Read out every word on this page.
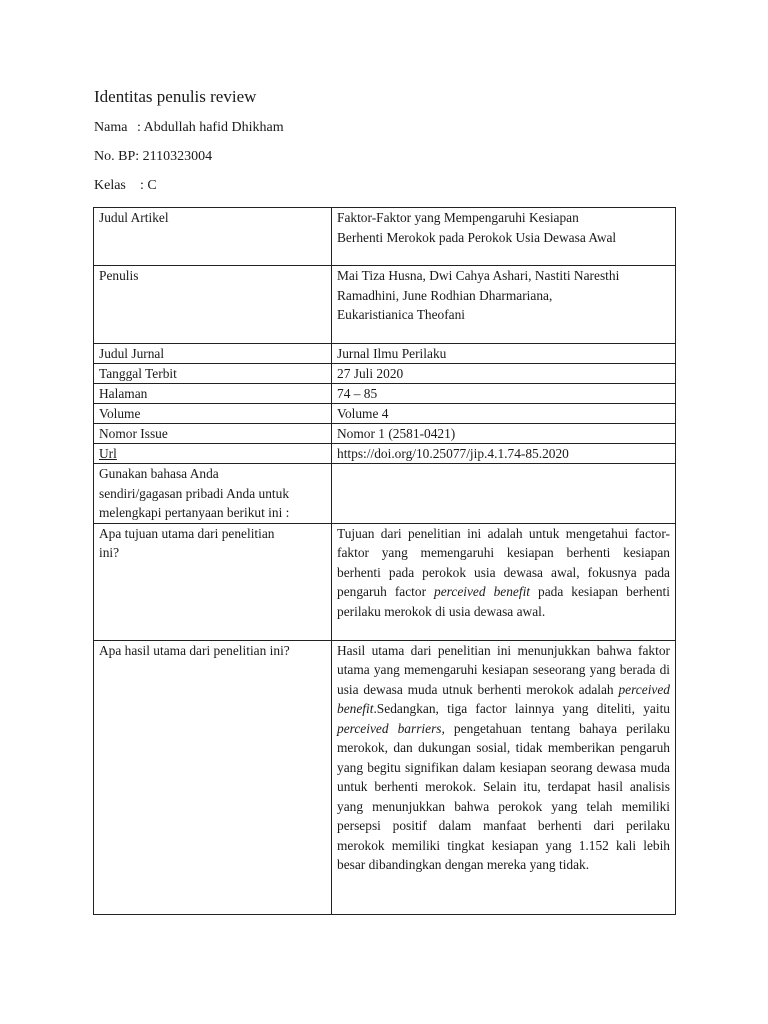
Identitas penulis review
Nama : Abdullah hafid Dhikham
No. BP: 2110323004
Kelas : C
Judul Artikel	Faktor-Faktor yang Mempengaruhi Kesiapan
Berhenti Merokok pada Perokok Usia Dewasa Awal

Penulis	Mai Tiza Husna, Dwi Cahya Ashari, Nastiti Naresthi
Ramadhini, June Rodhian Dharmariana,
Eukaristianica Theofani

Judul Jurnal	Jurnal Ilmu Perilaku
Tanggal Terbit	27 Juli 2020
Halaman	74 – 85
Volume	Volume 4
Nomor Issue	Nomor 1 (2581-0421)
Url	https://doi.org/10.25077/jip.4.1.74-85.2020

Gunakan bahasa Anda
sendiri/gagasan pribadi Anda untuk
melengkapi pertanyaan berikut ini :	

Apa tujuan utama dari penelitian
ini?	Tujuan dari penelitian ini adalah untuk mengetahui factor-faktor yang memengaruhi kesiapan berhenti kesiapan berhenti pada perokok usia dewasa awal, fokusnya pada pengaruh factor perceived benefit pada kesiapan berhenti perilaku merokok di usia dewasa awal.
Apa hasil utama dari penelitian ini?	Hasil utama dari penelitian ini menunjukkan bahwa faktor utama yang memengaruhi kesiapan seseorang yang berada di usia dewasa muda utnuk berhenti merokok adalah perceived benefit.Sedangkan, tiga factor lainnya yang diteliti, yaitu perceived barriers, pengetahuan tentang bahaya perilaku merokok, dan dukungan sosial, tidak memberikan pengaruh yang begitu signifikan dalam kesiapan seorang dewasa muda untuk berhenti merokok. Selain itu, terdapat hasil analisis yang menunjukkan bahwa perokok yang telah memiliki persepsi positif dalam manfaat berhenti dari perilaku merokok memiliki tingkat kesiapan yang 1.152 kali lebih besar dibandingkan dengan mereka yang tidak.
